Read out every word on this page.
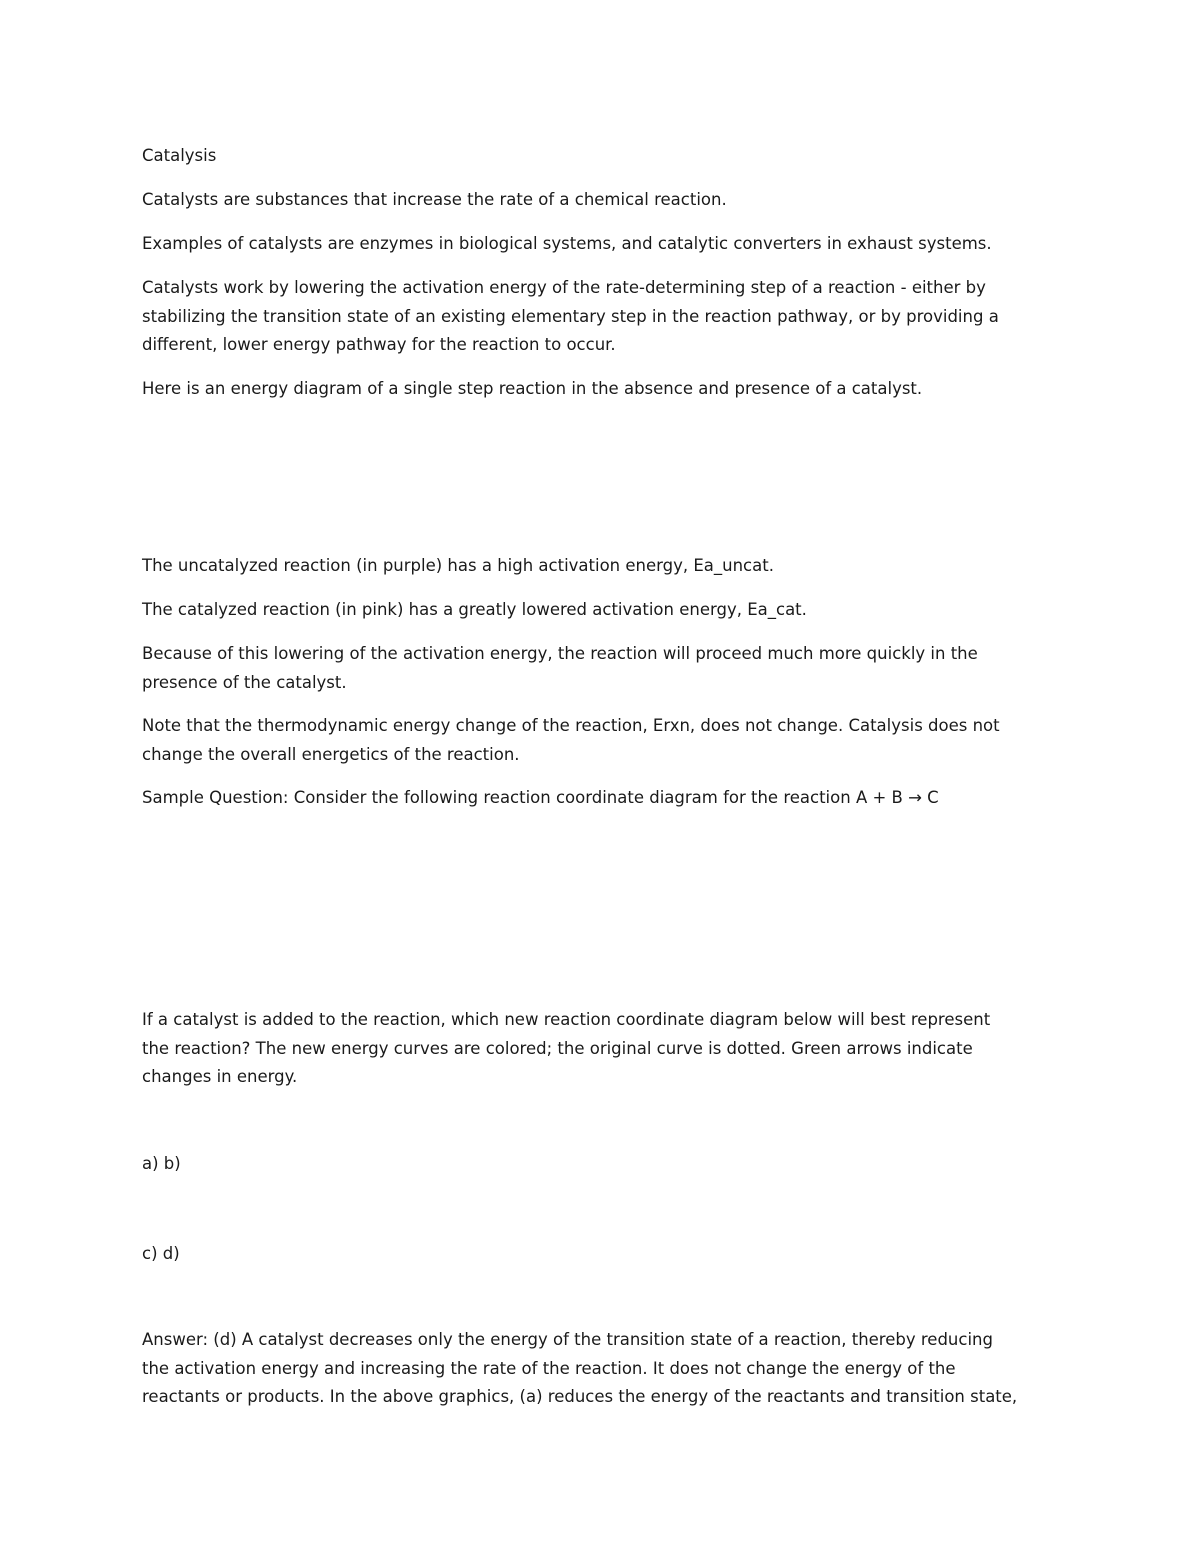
Catalysis
Catalysts are substances that increase the rate of a chemical reaction.
Examples of catalysts are enzymes in biological systems, and catalytic converters in exhaust systems.
Catalysts work by lowering the activation energy of the rate-determining step of a reaction - either by
stabilizing the transition state of an existing elementary step in the reaction pathway, or by providing a
different, lower energy pathway for the reaction to occur.
Here is an energy diagram of a single step reaction in the absence and presence of a catalyst.
The uncatalyzed reaction (in purple) has a high activation energy, Ea_uncat.
The catalyzed reaction (in pink) has a greatly lowered activation energy, Ea_cat.
Because of this lowering of the activation energy, the reaction will proceed much more quickly in the
presence of the catalyst.
Note that the thermodynamic energy change of the reaction, Erxn, does not change. Catalysis does not
change the overall energetics of the reaction.
Sample Question: Consider the following reaction coordinate diagram for the reaction A + B → C
If a catalyst is added to the reaction, which new reaction coordinate diagram below will best represent
the reaction? The new energy curves are colored; the original curve is dotted. Green arrows indicate
changes in energy.
a) b)
c) d)
Answer: (d) A catalyst decreases only the energy of the transition state of a reaction, thereby reducing
the activation energy and increasing the rate of the reaction. It does not change the energy of the
reactants or products. In the above graphics, (a) reduces the energy of the reactants and transition state,
